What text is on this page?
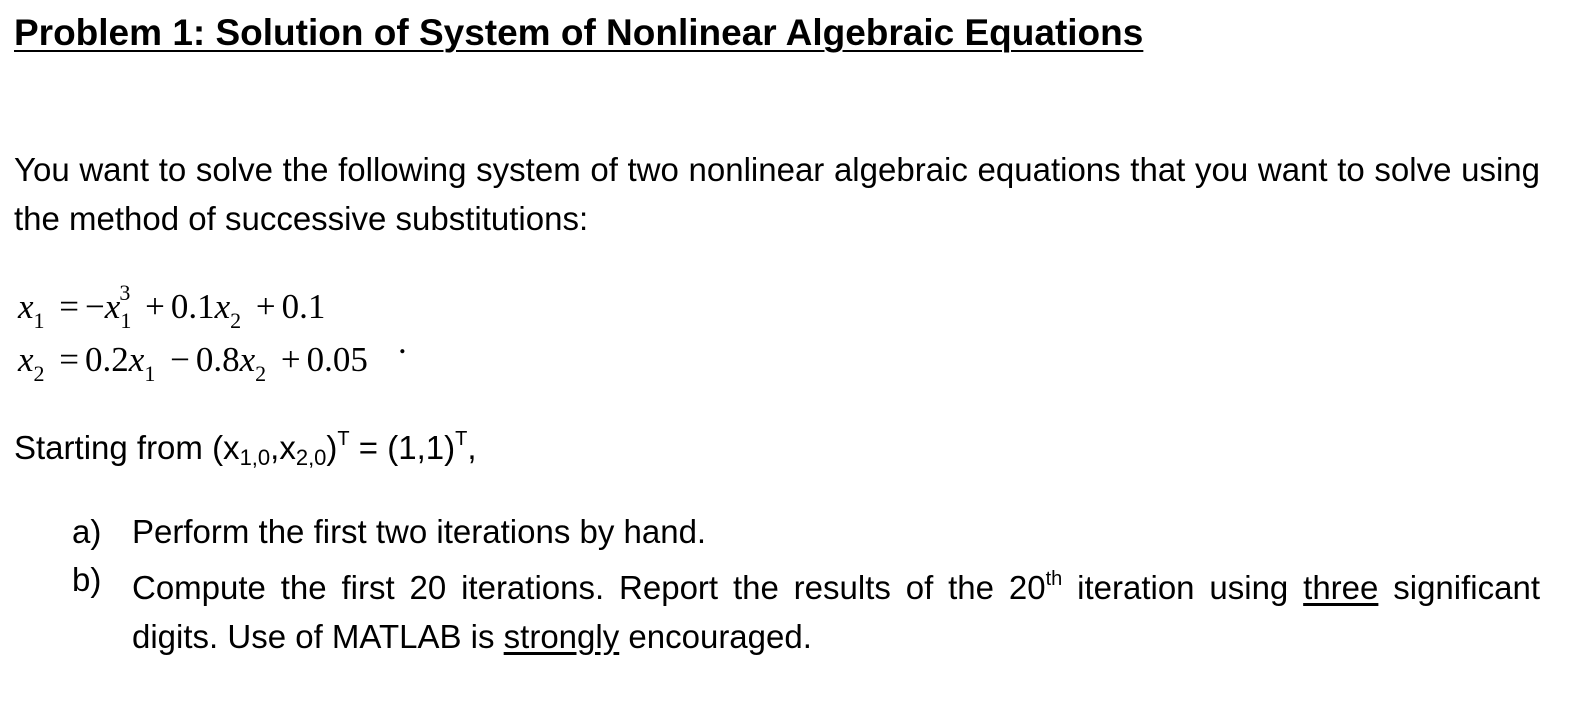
Problem 1: Solution of System of Nonlinear Algebraic Equations
You want to solve the following system of two nonlinear algebraic equations that you want to solve using the method of successive substitutions:
$x_1 = -x_1^3 + 0.1x_2 + 0.1$
$x_2 = 0.2x_1 - 0.8x_2 + 0.05$ .
Starting from $(x_{1,0},x_{2,0})^T = (1,1)^T$,
a) Perform the first two iterations by hand.
b) Compute the first 20 iterations. Report the results of the 20th iteration using three significant digits. Use of MATLAB is strongly encouraged.
